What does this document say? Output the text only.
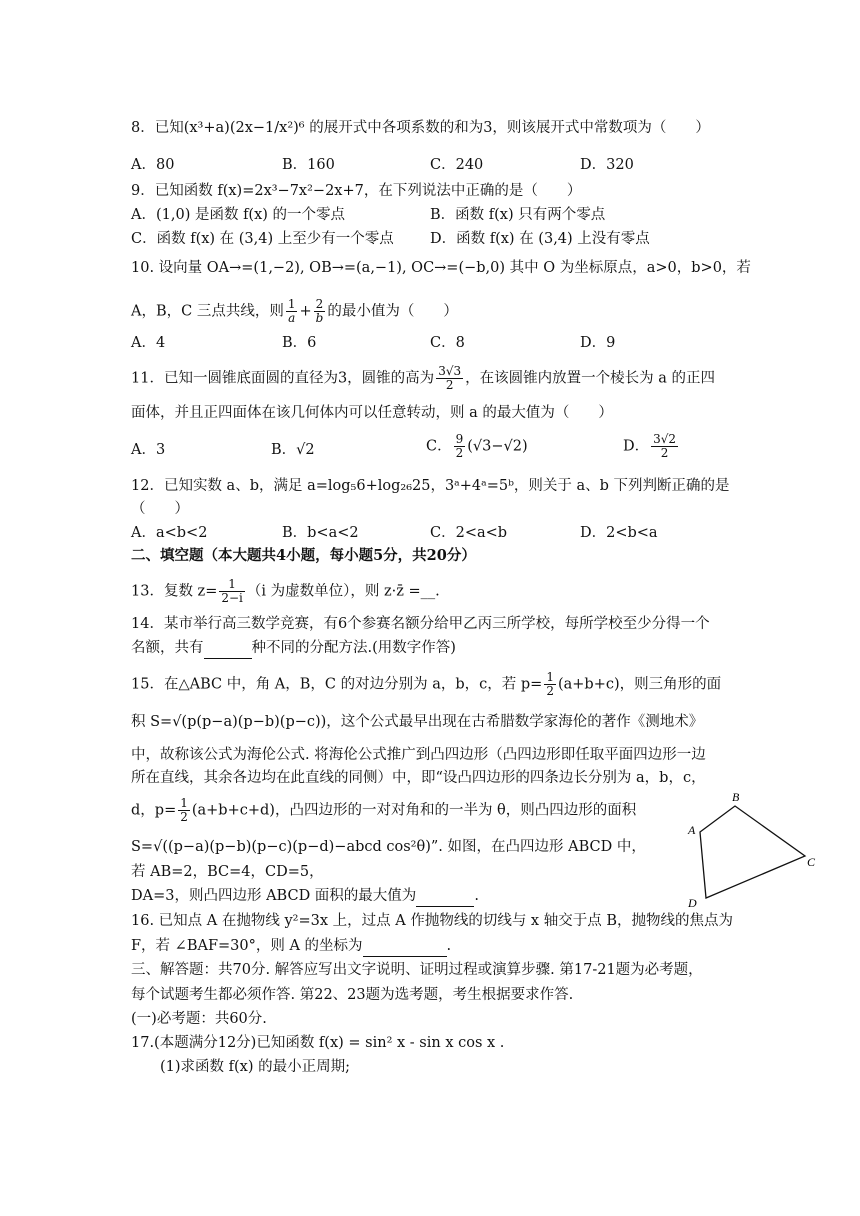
8．已知(x³+a)(2x−1/x²)⁶ 的展开式中各项系数的和为3，则该展开式中常数项为（　　）
A．80	B．160	C．240	D．320
9．已知函数 f(x)=2x³−7x²−2x+7，在下列说法中正确的是（　　）
A．(1,0) 是函数 f(x) 的一个零点	B．函数 f(x) 只有两个零点
C．函数 f(x) 在 (3,4) 上至少有一个零点 D．函数 f(x) 在 (3,4) 上没有零点
10. 设向量 OA→=(1,−2), OB→=(a,−1), OC→=(−b,0) 其中 O 为坐标原点，a>0，b>0，若
A，B，C 三点共线，则 $\frac{1}{a} + \frac{2}{b}$ 的最小值为（　　）
A．4	B．6	C．8	D．9
11．已知一圆锥底面圆的直径为3，圆锥的高为 $\frac{3√3}{2}$ ，在该圆锥内放置一个棱长为 a 的正四
面体，并且正四面体在该几何体内可以任意转动，则 a 的最大值为（　　）
A．3	B．√2	C． $\frac{9}{2} (√3-√2)$	D． $\frac{3√2}{2}$
12．已知实数 a、b，满足 a=log₅6+log₂₆25，3ᵃ+4ᵃ=5ᵇ，则关于 a、b 下列判断正确的是
（　　）
A．a<b<2	B．b<a<2	C．2<a<b	D．2<b<a
二、填空题（本大题共4小题，每小题5分，共20分）
13．复数 $z= \frac{1}{2-i} (i$ 为虚数单位），则 z·z̄ =__.
14．某市举行高三数学竞赛，有6个参赛名额分给甲乙丙三所学校，每所学校至少分得一个
名额，共有	种不同的分配方法.(用数字作答)
15．在△ABC 中，角 A，B，C 的对边分别为 a，b，c，若 $p= \frac{1}{2} (a+b+c)$，则三角形的面
积 S=√(p(p−a)(p−b)(p−c))，这个公式最早出现在古希腊数学家海伦的著作《测地术》
中，故称该公式为海伦公式. 将海伦公式推广到凸四边形（凸四边形即任取平面四边形一边
所在直线，其余各边均在此直线的同侧）中，即“设凸四边形的四条边长分别为 a，b，c，
d，$p= \frac{1}{2} (a+b+c+d)$，凸四边形的一对对角和的一半为 θ，则凸四边形的面积
S=√((p−a)(p−b)(p−c)(p−d)−abcd cos²θ)”. 如图，在凸四边形 ABCD 中，
若 AB=2，BC=4，CD=5，
DA=3，则凸四边形 ABCD 面积的最大值为	.
A
B
C
D
16. 已知点 A 在抛物线 y²=3x 上，过点 A 作抛物线的切线与 x 轴交于点 B，抛物线的焦点为
F，若 ∠BAF=30°，则 A 的坐标为	.
三、解答题：共70分. 解答应写出文字说明、证明过程或演算步骤. 第17-21题为必考题，
每个试题考生都必须作答. 第22、23题为选考题，考生根据要求作答.
(一)必考题：共60分.
17.(本题满分12分)已知函数 f(x) = sin² x - sin x cos x .
(1)求函数 f(x) 的最小正周期;
